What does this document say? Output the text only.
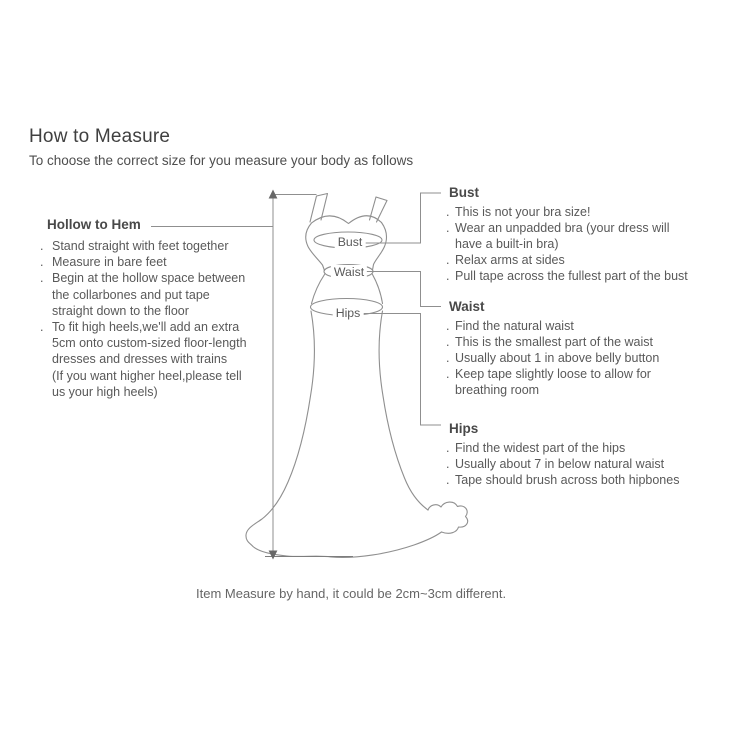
How to Measure
To choose the correct size for you measure your body as follows
Hollow to Hem
. Stand straight with feet together
. Measure in bare feet
. Begin at the hollow space between
the collarbones and put tape
straight down to the floor
. To fit high heels,we'll add an extra
5cm onto custom-sized floor-length
dresses and dresses with trains
(If you want higher heel,please tell
us your high heels)
Bust
. This is not your bra size!
. Wear an unpadded bra (your dress will
have a built-in bra)
. Relax arms at sides
. Pull tape across the fullest part of the bust
Waist
. Find the natural waist
. This is the smallest part of the waist
. Usually about 1 in above belly button
. Keep tape slightly loose to allow for
breathing room
Hips
. Find the widest part of the hips
. Usually about 7 in below natural waist
. Tape should brush across both hipbones
Bust
Waist
Hips
Item Measure by hand, it could be 2cm~3cm different.
